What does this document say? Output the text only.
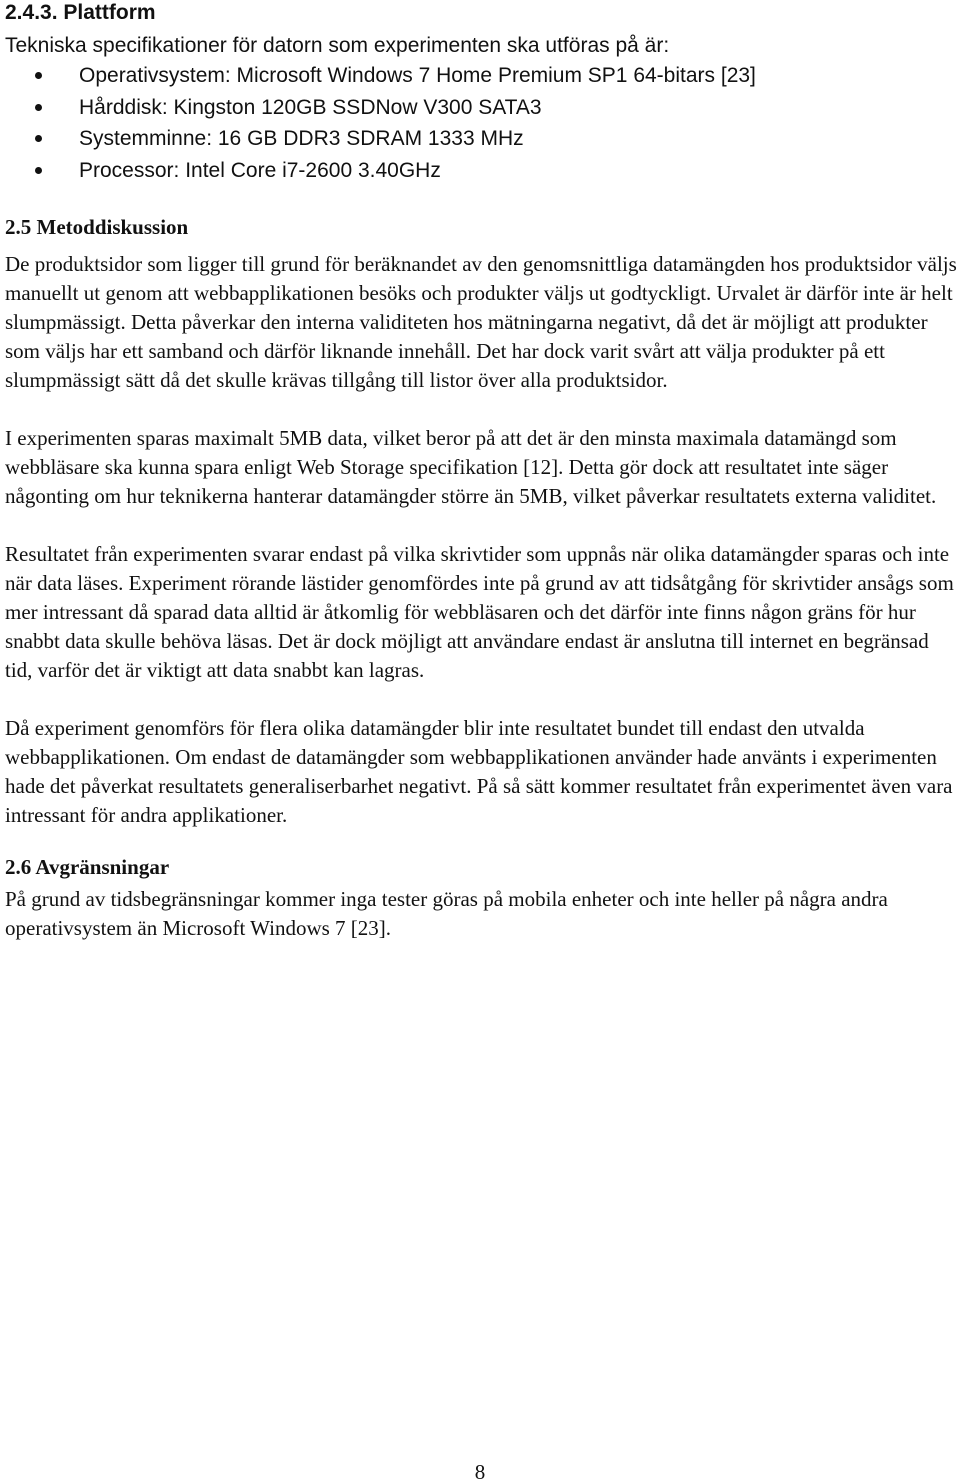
2.4.3. Plattform

Tekniska specifikationer för datorn som experimenten ska utföras på är:

Operativsystem: Microsoft Windows 7 Home Premium SP1 64-bitars [23]
Hårddisk: Kingston 120GB SSDNow V300 SATA3
Systemminne: 16 GB DDR3 SDRAM 1333 MHz
Processor: Intel Core i7-2600 3.40GHz
2.5 Metoddiskussion

De produktsidor som ligger till grund för beräknandet av den genomsnittliga datamängden hos produktsidor väljs manuellt ut genom att webbapplikationen besöks och produkter väljs ut godtyckligt. Urvalet är därför inte är helt slumpmässigt. Detta påverkar den interna validiteten hos mätningarna negativt, då det är möjligt att produkter som väljs har ett samband och därför liknande innehåll. Det har dock varit svårt att välja produkter på ett slumpmässigt sätt då det skulle krävas tillgång till listor över alla produktsidor.

I experimenten sparas maximalt 5MB data, vilket beror på att det är den minsta maximala datamängd som webbläsare ska kunna spara enligt Web Storage specifikation [12]. Detta gör dock att resultatet inte säger någonting om hur teknikerna hanterar datamängder större än 5MB, vilket påverkar resultatets externa validitet.

Resultatet från experimenten svarar endast på vilka skrivtider som uppnås när olika datamängder sparas och inte när data läses. Experiment rörande lästider genomfördes inte på grund av att tidsåtgång för skrivtider ansågs som mer intressant då sparad data alltid är åtkomlig för webbläsaren och det därför inte finns någon gräns för hur snabbt data skulle behöva läsas. Det är dock möjligt att användare endast är anslutna till internet en begränsad tid, varför det är viktigt att data snabbt kan lagras.

Då experiment genomförs för flera olika datamängder blir inte resultatet bundet till endast den utvalda webbapplikationen. Om endast de datamängder som webbapplikationen använder hade använts i experimenten hade det påverkat resultatets generaliserbarhet negativt. På så sätt kommer resultatet från experimentet även vara intressant för andra applikationer.

2.6 Avgränsningar

På grund av tidsbegränsningar kommer inga tester göras på mobila enheter och inte heller på några andra operativsystem än Microsoft Windows 7 [23].

8
